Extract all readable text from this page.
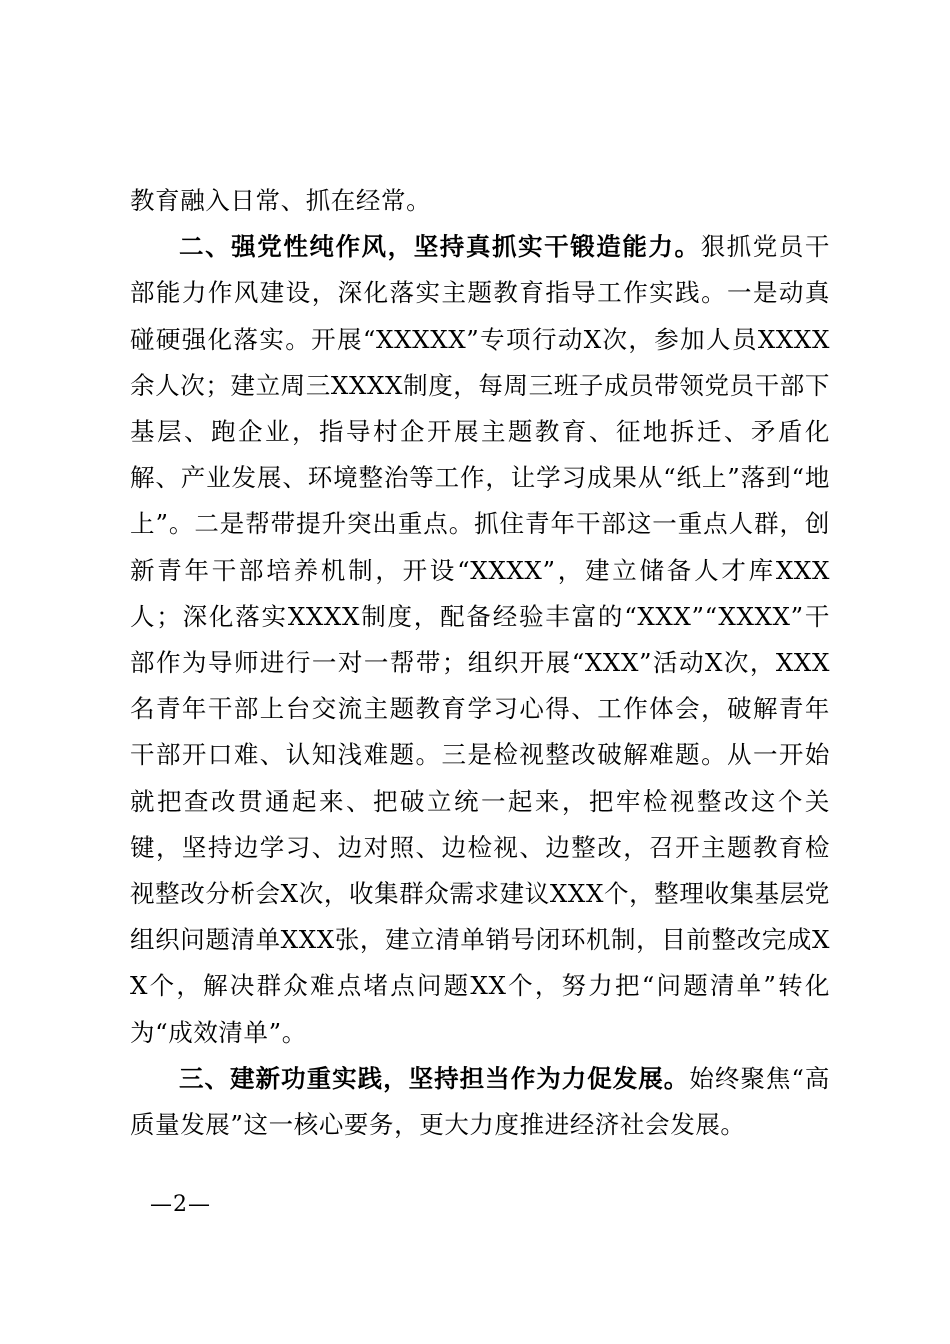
教育融入日常、抓在经常。

二、强党性纯作风，坚持真抓实干锻造能力。狠抓党员干部能力作风建设，深化落实主题教育指导工作实践。一是动真碰硬强化落实。开展“XXXXX”专项行动X次，参加人员XXXX余人次；建立周三XXXX制度，每周三班子成员带领党员干部下基层、跑企业，指导村企开展主题教育、征地拆迁、矛盾化解、产业发展、环境整治等工作，让学习成果从“纸上”落到“地上”。二是帮带提升突出重点。抓住青年干部这一重点人群，创新青年干部培养机制，开设“XXXX”，建立储备人才库XXX人；深化落实XXXX制度，配备经验丰富的“XXX”“XXXX”干部作为导师进行一对一帮带；组织开展“XXX”活动X次，XXX名青年干部上台交流主题教育学习心得、工作体会，破解青年干部开口难、认知浅难题。三是检视整改破解难题。从一开始就把查改贯通起来、把破立统一起来，把牢检视整改这个关键，坚持边学习、边对照、边检视、边整改，召开主题教育检视整改分析会X次，收集群众需求建议XXX个，整理收集基层党组织问题清单XXX张，建立清单销号闭环机制，目前整改完成XX个，解决群众难点堵点问题XX个，努力把“问题清单”转化为“成效清单”。

三、建新功重实践，坚持担当作为力促发展。始终聚焦“高质量发展”这一核心要务，更大力度推进经济社会发展。

—2—
